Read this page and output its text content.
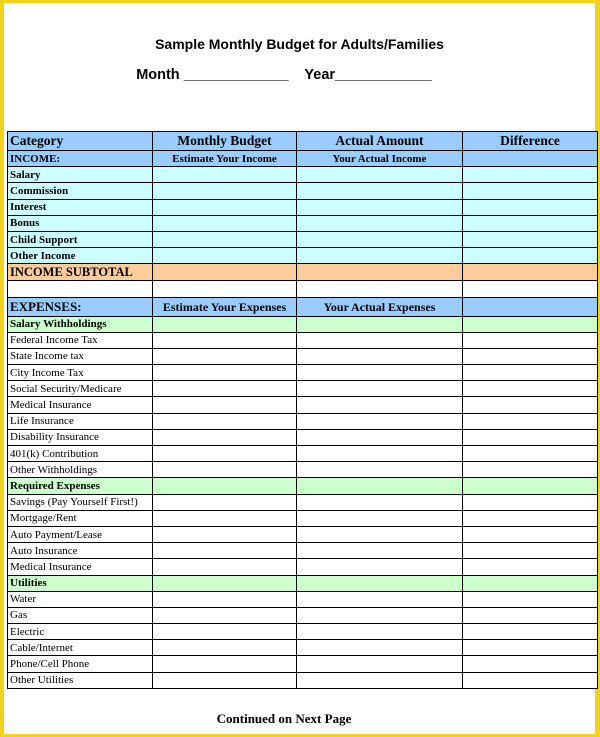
Sample Monthly Budget for Adults/Families
Month _____________    Year____________
Category	Monthly Budget	Actual Amount	Difference
INCOME:	Estimate Your Income	Your Actual Income	
Salary			
Commission			
Interest			
Bonus			
Child Support			
Other Income			
INCOME SUBTOTAL			

EXPENSES:	Estimate Your Expenses	Your Actual Expenses	
Salary Withholdings			
Federal Income Tax			
State Income tax			
City Income Tax			
Social Security/Medicare			
Medical Insurance			
Life Insurance			
Disability Insurance			
401(k) Contribution			
Other Withholdings			
Required Expenses			
Savings (Pay Yourself First!)			
Mortgage/Rent			
Auto Payment/Lease			
Auto Insurance			
Medical Insurance			
Utilities			
Water			
Gas			
Electric			
Cable/Internet			
Phone/Cell Phone			
Other Utilities			
Continued on Next Page
